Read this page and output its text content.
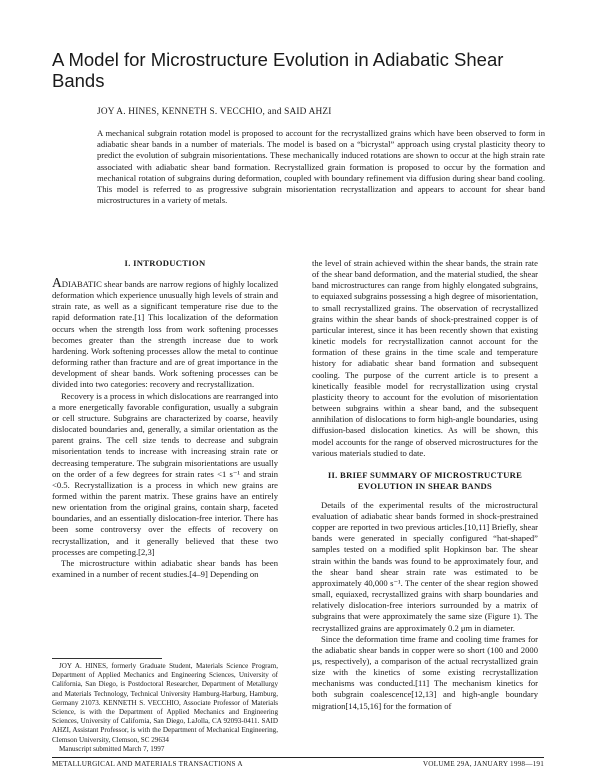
A Model for Microstructure Evolution in Adiabatic Shear Bands

JOY A. HINES, KENNETH S. VECCHIO, and SAID AHZI

A mechanical subgrain rotation model is proposed to account for the recrystallized grains which have been observed to form in adiabatic shear bands in a number of materials. The model is based on a “bicrystal” approach using crystal plasticity theory to predict the evolution of subgrain misorientations. These mechanically induced rotations are shown to occur at the high strain rate associated with adiabatic shear band formation. Recrystallized grain formation is proposed to occur by the formation and mechanical rotation of subgrains during deformation, coupled with boundary refinement via diffusion during shear band cooling. This model is referred to as progressive subgrain misorientation recrystallization and appears to account for shear band microstructures in a variety of metals.

I. INTRODUCTION

ADIABATIC shear bands are narrow regions of highly localized deformation which experience unusually high levels of strain and strain rate, as well as a significant temperature rise due to the rapid deformation rate.[1] This localization of the deformation occurs when the strength loss from work softening processes becomes greater than the strength increase due to work hardening. Work softening processes allow the metal to continue deforming rather than fracture and are of great importance in the development of shear bands. Work softening processes can be divided into two categories: recovery and recrystallization.

Recovery is a process in which dislocations are rearranged into a more energetically favorable configuration, usually a subgrain or cell structure. Subgrains are characterized by coarse, heavily dislocated boundaries and, generally, a similar orientation as the parent grains. The cell size tends to decrease and subgrain misorientation tends to increase with increasing strain rate or decreasing temperature. The subgrain misorientations are usually on the order of a few degrees for strain rates <1 s⁻¹ and strain <0.5. Recrystallization is a process in which new grains are formed within the parent matrix. These grains have an entirely new orientation from the original grains, contain sharp, faceted boundaries, and an essentially dislocation-free interior. There has been some controversy over the effects of recovery on recrystallization, and it generally believed that these two processes are competing.[2,3]

The microstructure within adiabatic shear bands has been examined in a number of recent studies.[4–9] Depending on

the level of strain achieved within the shear bands, the strain rate of the shear band deformation, and the material studied, the shear band microstructures can range from highly elongated subgrains, to equiaxed subgrains possessing a high degree of misorientation, to small recrystallized grains. The observation of recrystallized grains within the shear bands of shock-prestrained copper is of particular interest, since it has been recently shown that existing kinetic models for recrystallization cannot account for the formation of these grains in the time scale and temperature history for adiabatic shear band formation and subsequent cooling. The purpose of the current article is to present a kinetically feasible model for recrystallization using crystal plasticity theory to account for the evolution of misorientation between subgrains within a shear band, and the subsequent annihilation of dislocations to form high-angle boundaries, using diffusion-based dislocation kinetics. As will be shown, this model accounts for the range of observed microstructures for the various materials studied to date.

II. BRIEF SUMMARY OF MICROSTRUCTURE
EVOLUTION IN SHEAR BANDS

Details of the experimental results of the microstructural evaluation of adiabatic shear bands formed in shock-prestrained copper are reported in two previous articles.[10,11] Briefly, shear bands were generated in specially configured “hat-shaped” samples tested on a modified split Hopkinson bar. The shear strain within the bands was found to be approximately four, and the shear band shear strain rate was estimated to be approximately 40,000 s⁻¹. The center of the shear region showed small, equiaxed, recrystallized grains with sharp boundaries and relatively dislocation-free interiors surrounded by a matrix of subgrains that were approximately the same size (Figure 1). The recrystallized grains are approximately 0.2 μm in diameter.

Since the deformation time frame and cooling time frames for the adiabatic shear bands in copper were so short (100 and 2000 μs, respectively), a comparison of the actual recrystallized grain size with the kinetics of some existing recrystallization mechanisms was conducted.[11] The mechanism kinetics for both subgrain coalescence[12,13] and high-angle boundary migration[14,15,16] for the formation of

JOY A. HINES, formerly Graduate Student, Materials Science Program, Department of Applied Mechanics and Engineering Sciences, University of California, San Diego, is Postdoctoral Researcher, Department of Metallurgy and Materials Technology, Technical University Hamburg-Harburg, Hamburg, Germany 21073. KENNETH S. VECCHIO, Associate Professor of Materials Science, is with the Department of Applied Mechanics and Engineering Sciences, University of California, San Diego, LaJolla, CA 92093-0411. SAID AHZI, Assistant Professor, is with the Department of Mechanical Engineering, Clemson University, Clemson, SC 29634

Manuscript submitted March 7, 1997

METALLURGICAL AND MATERIALS TRANSACTIONS A	VOLUME 29A, JANUARY 1998—191
